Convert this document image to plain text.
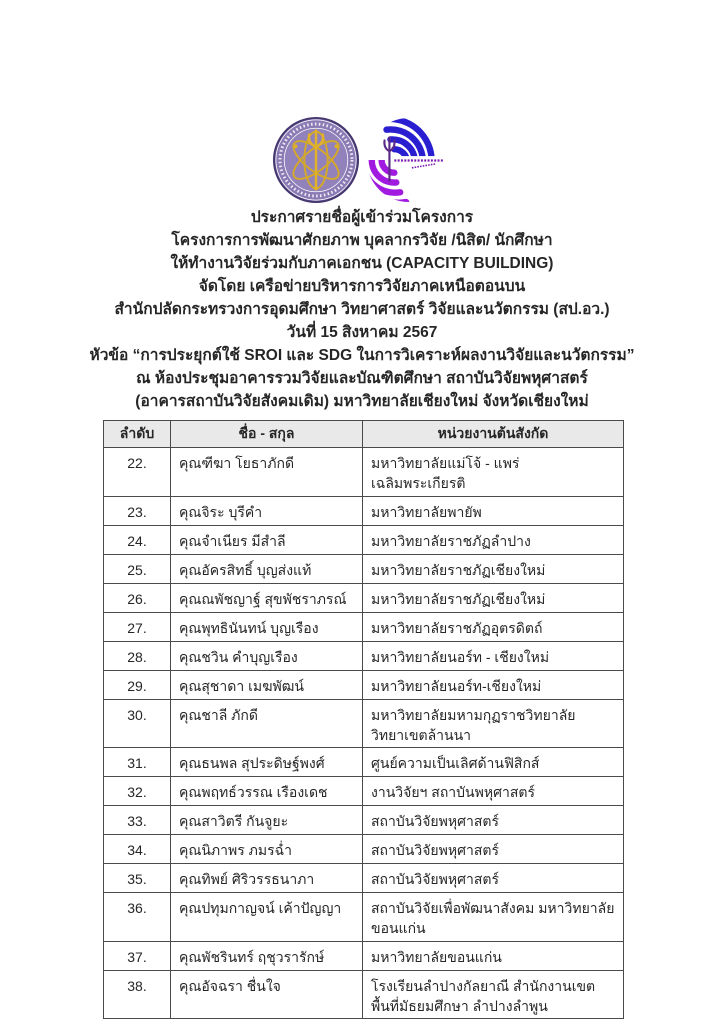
ประกาศรายชื่อผู้เข้าร่วมโครงการ
โครงการการพัฒนาศักยภาพ บุคลากรวิจัย /นิสิต/ นักศึกษา
ให้ทำงานวิจัยร่วมกับภาคเอกชน (CAPACITY BUILDING)
จัดโดย เครือข่ายบริหารการวิจัยภาคเหนือตอนบน
สำนักปลัดกระทรวงการอุดมศึกษา วิทยาศาสตร์ วิจัยและนวัตกรรม (สป.อว.)
วันที่ 15 สิงหาคม 2567
หัวข้อ “การประยุกต์ใช้ SROI และ SDG ในการวิเคราะห์ผลงานวิจัยและนวัตกรรม”
ณ ห้องประชุมอาคารรวมวิจัยและบัณฑิตศึกษา สถาบันวิจัยพหุศาสตร์
(อาคารสถาบันวิจัยสังคมเดิม) มหาวิทยาลัยเชียงใหม่ จังหวัดเชียงใหม่
ลำดับ	ชื่อ - สกุล	หน่วยงานต้นสังกัด
22.	คุณฑีฆา โยธาภักดี	มหาวิทยาลัยแม่โจ้ - แพร่ เฉลิมพระเกียรติ
23.	คุณจิระ บุรีคำ	มหาวิทยาลัยพายัพ
24.	คุณจำเนียร มีสำลี	มหาวิทยาลัยราชภัฏลำปาง
25.	คุณอัครสิทธิ์ บุญส่งแท้	มหาวิทยาลัยราชภัฏเชียงใหม่
26.	คุณณพัชญาฐ์ สุขพัชราภรณ์	มหาวิทยาลัยราชภัฏเชียงใหม่
27.	คุณพุทธินันทน์ บุญเรือง	มหาวิทยาลัยราชภัฏอุตรดิตถ์
28.	คุณชวิน คำบุญเรือง	มหาวิทยาลัยนอร์ท - เชียงใหม่
29.	คุณสุชาดา เมฆพัฒน์	มหาวิทยาลัยนอร์ท-เชียงใหม่
30.	คุณชาลี ภักดี	มหาวิทยาลัยมหามกุฏราชวิทยาลัย วิทยาเขตล้านนา
31.	คุณธนพล สุประดิษฐ์พงศ์	ศูนย์ความเป็นเลิศด้านฟิสิกส์
32.	คุณพฤทธ์วรรณ เรืองเดช	งานวิจัยฯ สถาบันพหุศาสตร์
33.	คุณสาวิตรี กันจูยะ	สถาบันวิจัยพหุศาสตร์
34.	คุณนิภาพร ภมรฉ่ำ	สถาบันวิจัยพหุศาสตร์
35.	คุณทิพย์ ศิริวรรธนาภา	สถาบันวิจัยพหุศาสตร์
36.	คุณปทุมกาญจน์ เค้าปัญญา	สถาบันวิจัยเพื่อพัฒนาสังคม มหาวิทยาลัยขอนแก่น
37.	คุณพัชรินทร์ ฤชุวรารักษ์	มหาวิทยาลัยขอนแก่น
38.	คุณอัจฉรา ชื่นใจ	โรงเรียนลำปางกัลยาณี สำนักงานเขตพื้นที่มัธยมศึกษา ลำปางลำพูน
